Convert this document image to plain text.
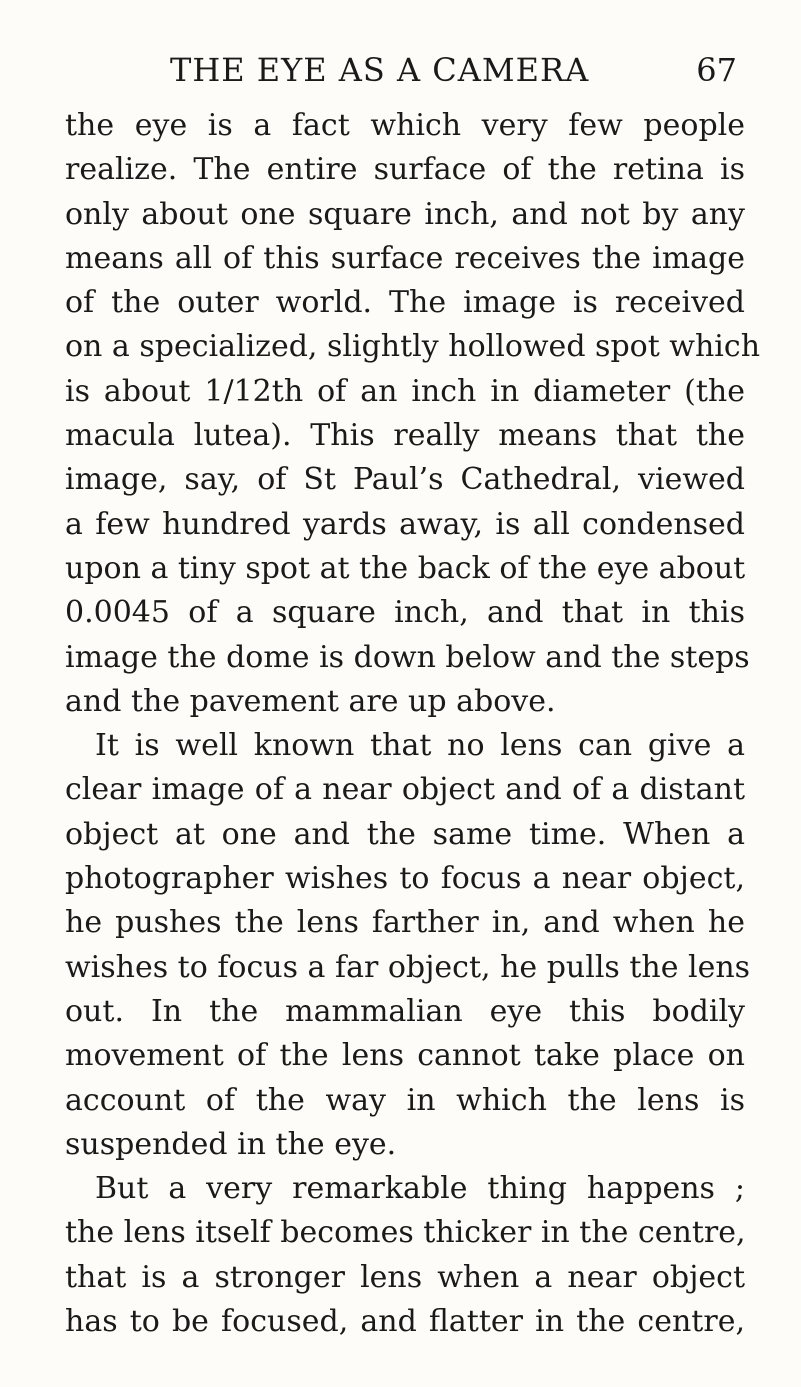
THE EYE AS A CAMERA	67
the eye is a fact which very few people
realize. The entire surface of the retina is
only about one square inch, and not by any
means all of this surface receives the image
of the outer world. The image is received
on a specialized, slightly hollowed spot which
is about 1/12th of an inch in diameter (the
macula lutea). This really means that the
image, say, of St Paul’s Cathedral, viewed
a few hundred yards away, is all condensed
upon a tiny spot at the back of the eye about
0.0045 of a square inch, and that in this
image the dome is down below and the steps
and the pavement are up above.
It is well known that no lens can give a
clear image of a near object and of a distant
object at one and the same time. When a
photographer wishes to focus a near object,
he pushes the lens farther in, and when he
wishes to focus a far object, he pulls the lens
out. In the mammalian eye this bodily
movement of the lens cannot take place on
account of the way in which the lens is
suspended in the eye.
But a very remarkable thing happens ;
the lens itself becomes thicker in the centre,
that is a stronger lens when a near object
has to be focused, and flatter in the centre,
